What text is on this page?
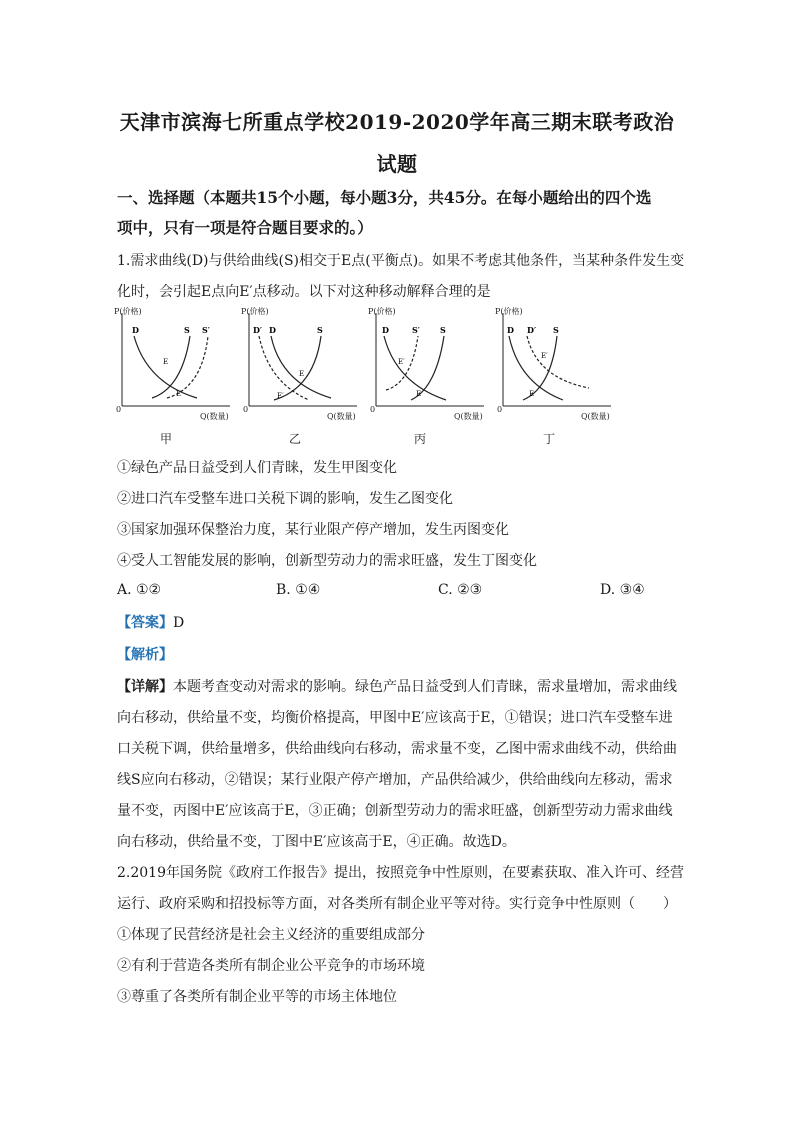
天津市滨海七所重点学校2019-2020学年高三期末联考政治
试题
一、选择题（本题共15个小题，每小题3分，共45分。在每小题给出的四个选
项中，只有一项是符合题目要求的。）
1.需求曲线(D)与供给曲线(S)相交于E点(平衡点)。如果不考虑其他条件，当某种条件发生变
化时，会引起E点向E′点移动。以下对这种移动解释合理的是
P(价格)
0
Q(数量)
D	S S′
E
E′
甲
P(价格)
0
Q(数量)
D′ D	S
E
E′
乙
P(价格)
0
Q(数量)
D	S′	S
E′
E
丙
P(价格)
0
Q(数量)
D D′ S
E′
E
丁
①绿色产品日益受到人们青睐，发生甲图变化
②进口汽车受整车进口关税下调的影响，发生乙图变化
③国家加强环保整治力度，某行业限产停产增加，发生丙图变化
④受人工智能发展的影响，创新型劳动力的需求旺盛，发生丁图变化
A. ①②	B. ①④	C. ②③	D. ③④
【答案】D
【解析】
【详解】本题考查变动对需求的影响。绿色产品日益受到人们青睐，需求量增加，需求曲线
向右移动，供给量不变，均衡价格提高，甲图中E′应该高于E，①错误；进口汽车受整车进
口关税下调，供给量增多，供给曲线向右移动，需求量不变，乙图中需求曲线不动，供给曲
线S应向右移动，②错误；某行业限产停产增加，产品供给减少，供给曲线向左移动，需求
量不变，丙图中E′应该高于E，③正确；创新型劳动力的需求旺盛，创新型劳动力需求曲线
向右移动，供给量不变，丁图中E′应该高于E，④正确。故选D。
2.2019年国务院《政府工作报告》提出，按照竞争中性原则，在要素获取、准入许可、经营
运行、政府采购和招投标等方面，对各类所有制企业平等对待。实行竞争中性原则（　　）
①体现了民营经济是社会主义经济的重要组成部分
②有利于营造各类所有制企业公平竞争的市场环境
③尊重了各类所有制企业平等的市场主体地位
